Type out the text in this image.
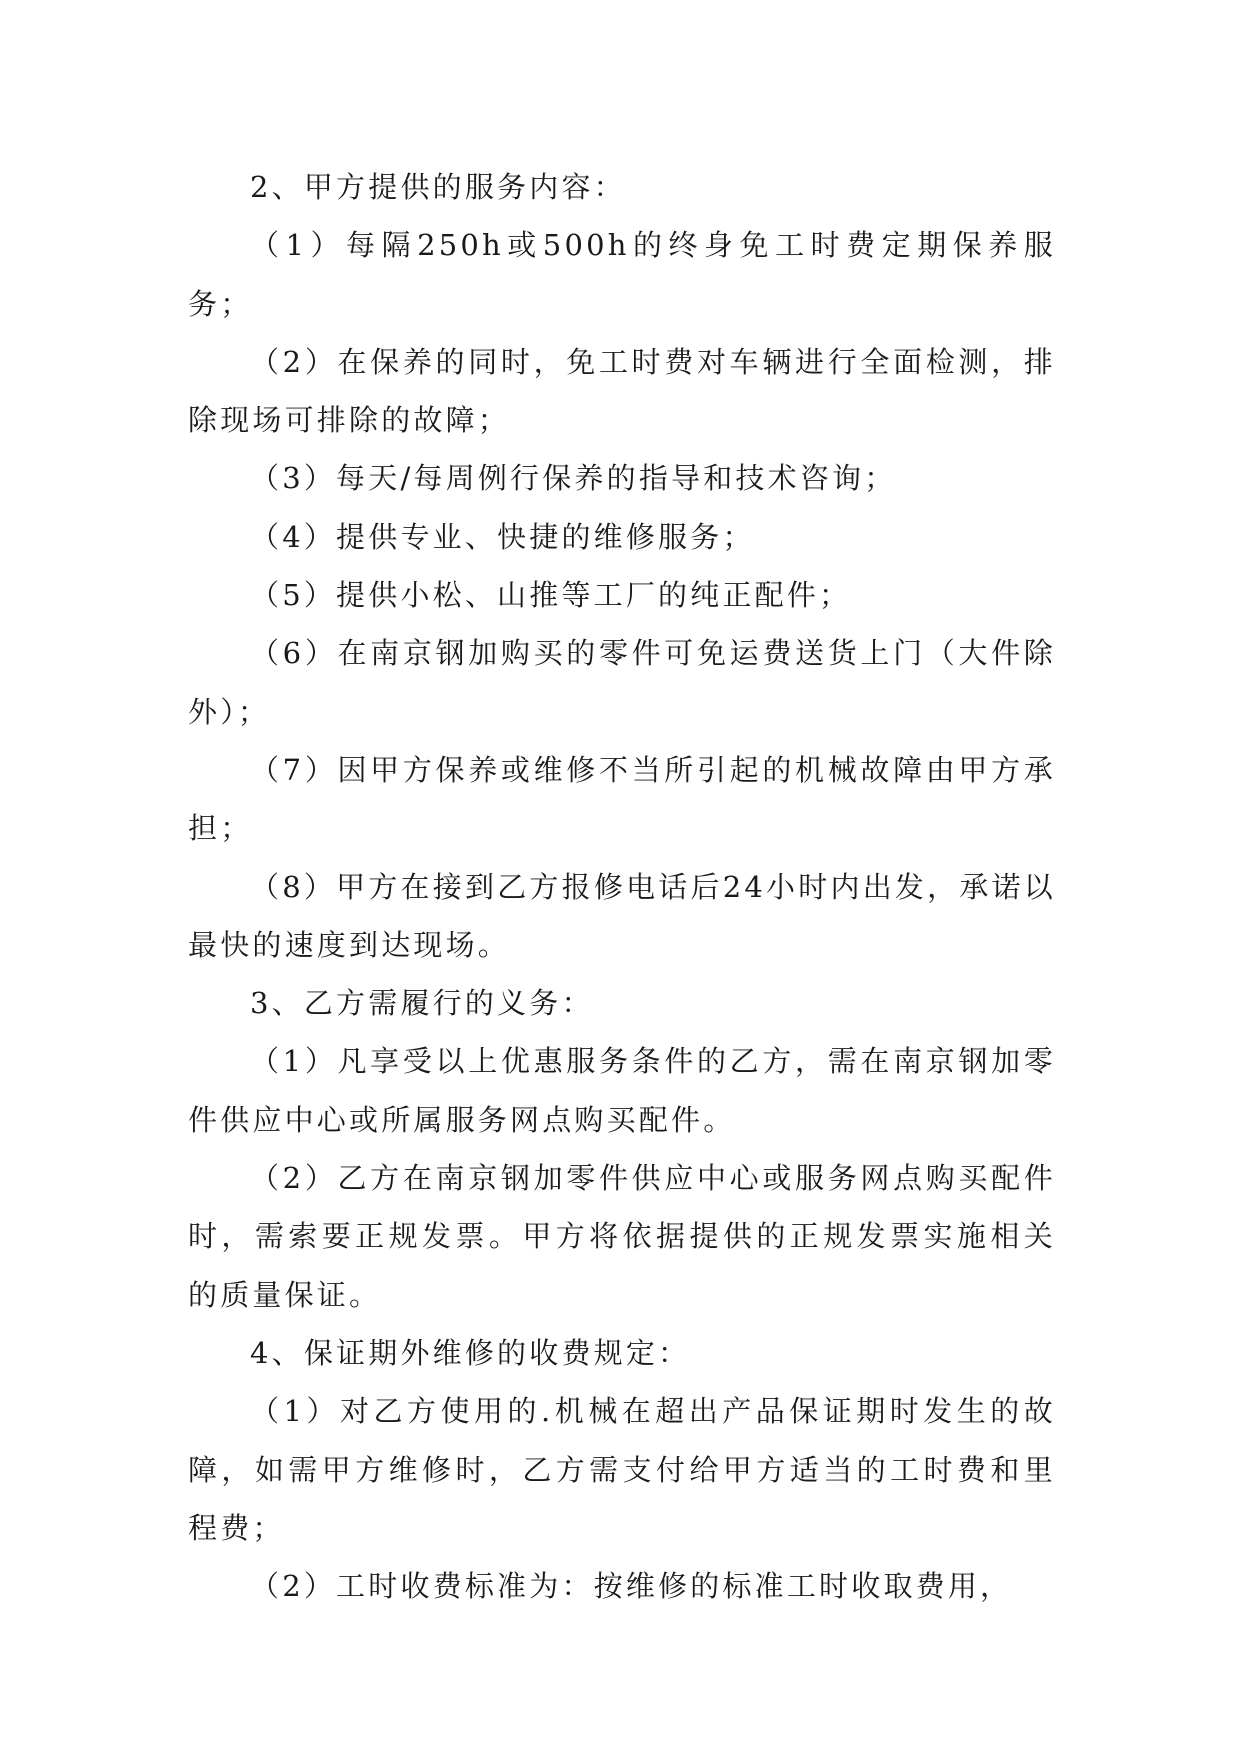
2、甲方提供的服务内容：

（1）每隔250h或500h的终身免工时费定期保养服务；

（2）在保养的同时，免工时费对车辆进行全面检测，排除现场可排除的故障；

（3）每天/每周例行保养的指导和技术咨询；

（4）提供专业、快捷的维修服务；

（5）提供小松、山推等工厂的纯正配件；

（6）在南京钢加购买的零件可免运费送货上门（大件除外）；

（7）因甲方保养或维修不当所引起的机械故障由甲方承担；

（8）甲方在接到乙方报修电话后24小时内出发，承诺以最快的速度到达现场。

3、乙方需履行的义务：

（1）凡享受以上优惠服务条件的乙方，需在南京钢加零件供应中心或所属服务网点购买配件。

（2）乙方在南京钢加零件供应中心或服务网点购买配件时，需索要正规发票。甲方将依据提供的正规发票实施相关的质量保证。

4、保证期外维修的收费规定：

（1）对乙方使用的.机械在超出产品保证期时发生的故障，如需甲方维修时，乙方需支付给甲方适当的工时费和里程费；

（2）工时收费标准为：按维修的标准工时收取费用，
